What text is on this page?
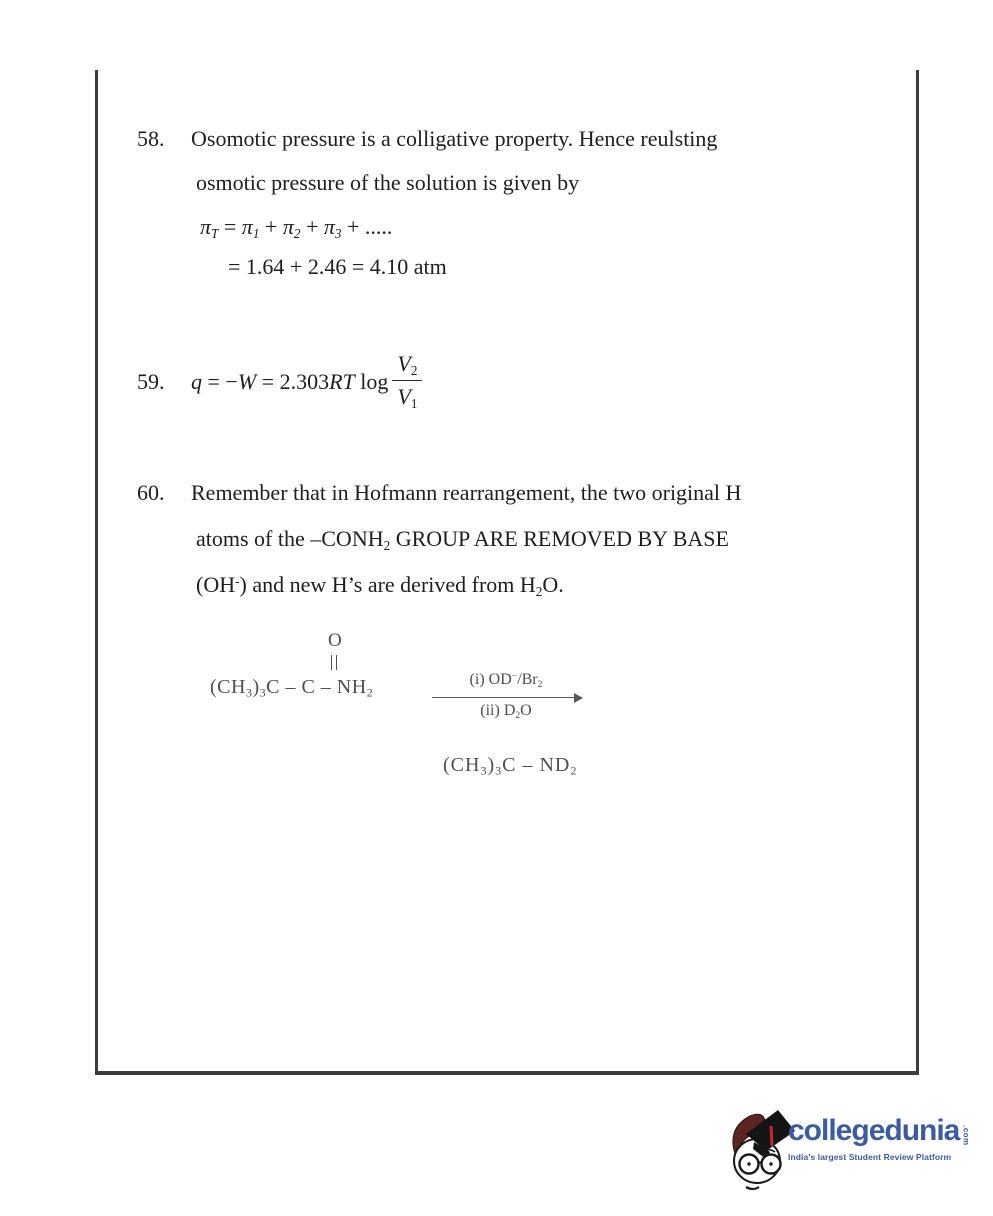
58.	Osomotic pressure is a colligative property. Hence reulsting
osmotic pressure of the solution is given by
$\pi_T = \pi_1 + \pi_2 + \pi_3$ + .....
= 1.64 + 2.46 = 4.10 atm
59.	q = −W = 2.303RT $\log \frac{V_2}{V_1}$
60.	Remember that in Hofmann rearrangement, the two original H
atoms of the $-CONH_2$ GROUP ARE REMOVED BY BASE
(OH-) and new H’s are derived from $H_2O$.
O
$(CH_3)_3C$ – C – $NH_2$
(i) $OD^-/Br_2$
(ii) $D_2O$
$(CH_3)_3C - ND_2$
collegedunia .com
India's largest Student Review Platform
